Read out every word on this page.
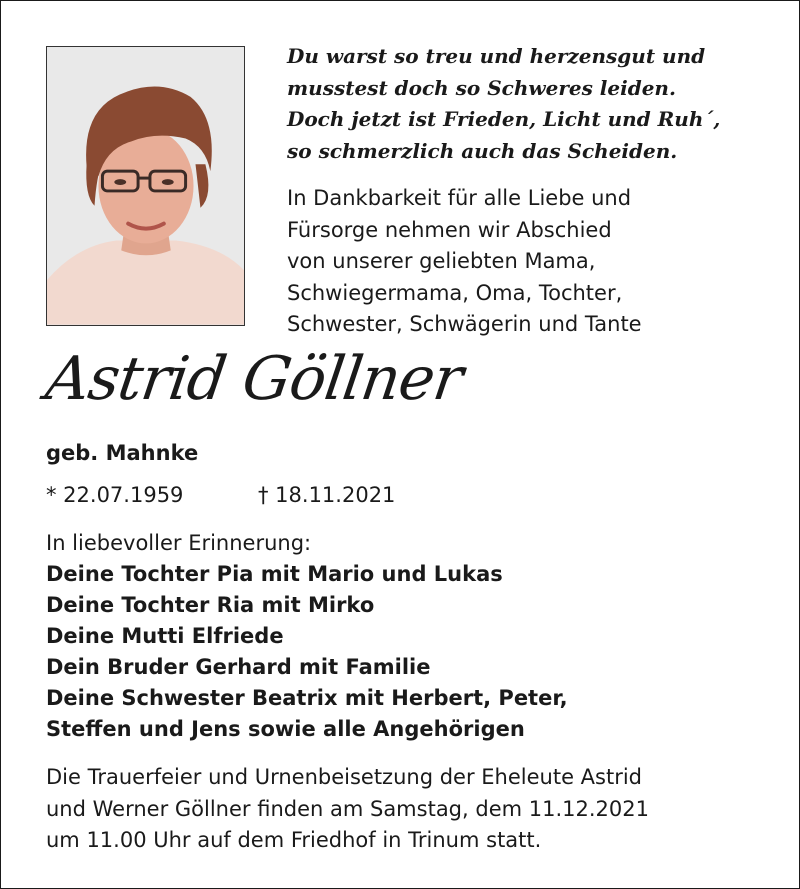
Du warst so treu und herzensgut und
musstest doch so Schweres leiden.
Doch jetzt ist Frieden, Licht und Ruh´,
so schmerzlich auch das Scheiden.

In Dankbarkeit für alle Liebe und
Fürsorge nehmen wir Abschied
von unserer geliebten Mama,
Schwiegermama, Oma, Tochter,
Schwester, Schwägerin und Tante
Astrid Göllner
geb. Mahnke
* 22.07.1959	† 18.11.2021
In liebevoller Erinnerung:
Deine Tochter Pia mit Mario und Lukas
Deine Tochter Ria mit Mirko
Deine Mutti Elfriede
Dein Bruder Gerhard mit Familie
Deine Schwester Beatrix mit Herbert, Peter,
Steffen und Jens sowie alle Angehörigen
Die Trauerfeier und Urnenbeisetzung der Eheleute Astrid
und Werner Göllner finden am Samstag, dem 11.12.2021
um 11.00 Uhr auf dem Friedhof in Trinum statt.
